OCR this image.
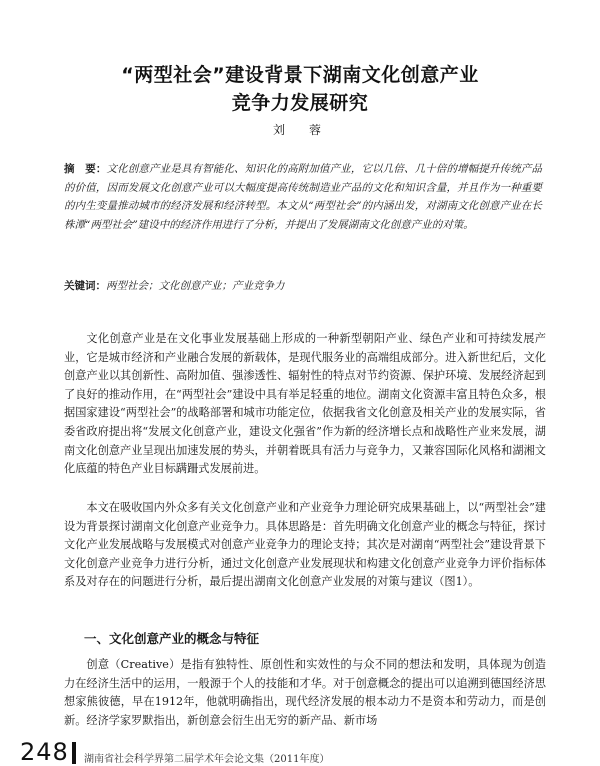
“两型社会”建设背景下湖南文化创意产业
竞争力发展研究
刘　蓉
摘　要：文化创意产业是具有智能化、知识化的高附加值产业，它以几倍、几十倍的增幅提升传统产品的价值，因而发展文化创意产业可以大幅度提高传统制造业产品的文化和知识含量，并且作为一种重要的内生变量推动城市的经济发展和经济转型。本文从“两型社会”的内涵出发，对湖南文化创意产业在长株潭“两型社会”建设中的经济作用进行了分析，并提出了发展湖南文化创意产业的对策。
关键词：两型社会；文化创意产业；产业竞争力

文化创意产业是在文化事业发展基础上形成的一种新型朝阳产业、绿色产业和可持续发展产业，它是城市经济和产业融合发展的新载体，是现代服务业的高端组成部分。进入新世纪后，文化创意产业以其创新性、高附加值、强渗透性、辐射性的特点对节约资源、保护环境、发展经济起到了良好的推动作用，在“两型社会”建设中具有举足轻重的地位。湖南文化资源丰富且特色众多，根据国家建设“两型社会”的战略部署和城市功能定位，依据我省文化创意及相关产业的发展实际，省委省政府提出将“发展文化创意产业，建设文化强省”作为新的经济增长点和战略性产业来发展，湖南文化创意产业呈现出加速发展的势头，并朝着既具有活力与竞争力，又兼容国际化风格和湖湘文化底蕴的特色产业目标蹒跚式发展前进。

本文在吸收国内外众多有关文化创意产业和产业竞争力理论研究成果基础上，以“两型社会”建设为背景探讨湖南文化创意产业竞争力。具体思路是：首先明确文化创意产业的概念与特征，探讨文化产业发展战略与发展模式对创意产业竞争力的理论支持；其次是对湖南“两型社会”建设背景下文化创意产业竞争力进行分析，通过文化创意产业发展现状和构建文化创意产业竞争力评价指标体系及对存在的问题进行分析，最后提出湖南文化创意产业发展的对策与建议（图1）。

一、文化创意产业的概念与特征

创意（Creative）是指有独特性、原创性和实效性的与众不同的想法和发明，具体现为创造力在经济生活中的运用，一般源于个人的技能和才华。对于创意概念的提出可以追溯到德国经济思想家熊彼德，早在1912年，他就明确指出，现代经济发展的根本动力不是资本和劳动力，而是创新。经济学家罗默指出，新创意会衍生出无穷的新产品、新市场

248 湖南省社会科学界第二届学术年会论文集（2011年度）
